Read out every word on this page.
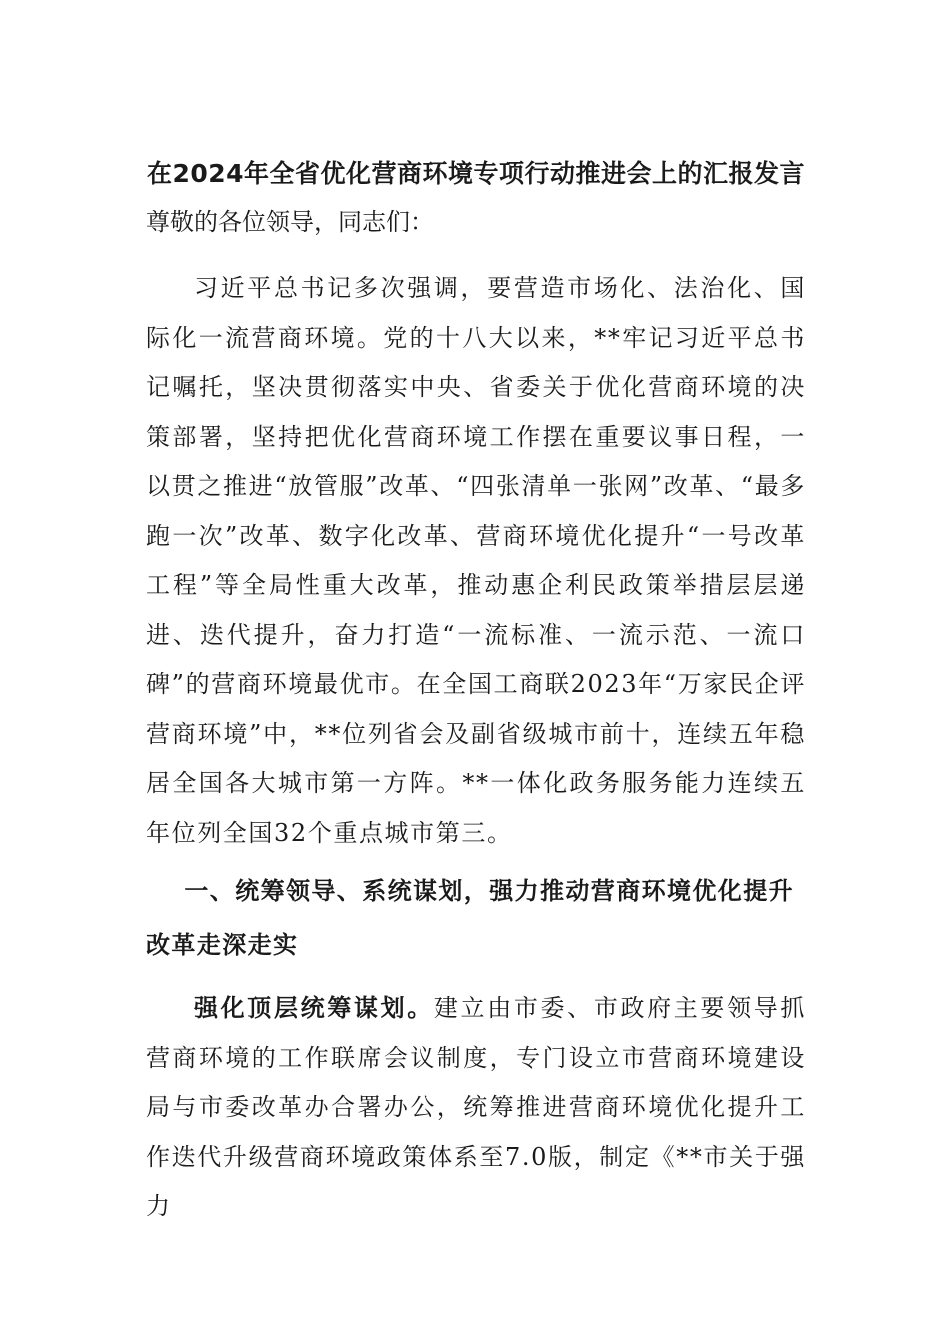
在2024年全省优化营商环境专项行动推进会上的汇报发言
尊敬的各位领导，同志们：

习近平总书记多次强调，要营造市场化、法治化、国际化一流营商环境。党的十八大以来，**牢记习近平总书记嘱托，坚决贯彻落实中央、省委关于优化营商环境的决策部署，坚持把优化营商环境工作摆在重要议事日程，一以贯之推进“放管服”改革、“四张清单一张网”改革、“最多跑一次”改革、数字化改革、营商环境优化提升“一号改革工程”等全局性重大改革，推动惠企利民政策举措层层递进、迭代提升，奋力打造“一流标准、一流示范、一流口碑”的营商环境最优市。在全国工商联2023年“万家民企评营商环境”中，**位列省会及副省级城市前十，连续五年稳居全国各大城市第一方阵。**一体化政务服务能力连续五年位列全国32个重点城市第三。

一、统筹领导、系统谋划，强力推动营商环境优化提升改革走深走实

强化顶层统筹谋划。建立由市委、市政府主要领导抓营商环境的工作联席会议制度，专门设立市营商环境建设局与市委改革办合署办公，统筹推进营商环境优化提升工作迭代升级营商环境政策体系至7.0版，制定《**市关于强力
